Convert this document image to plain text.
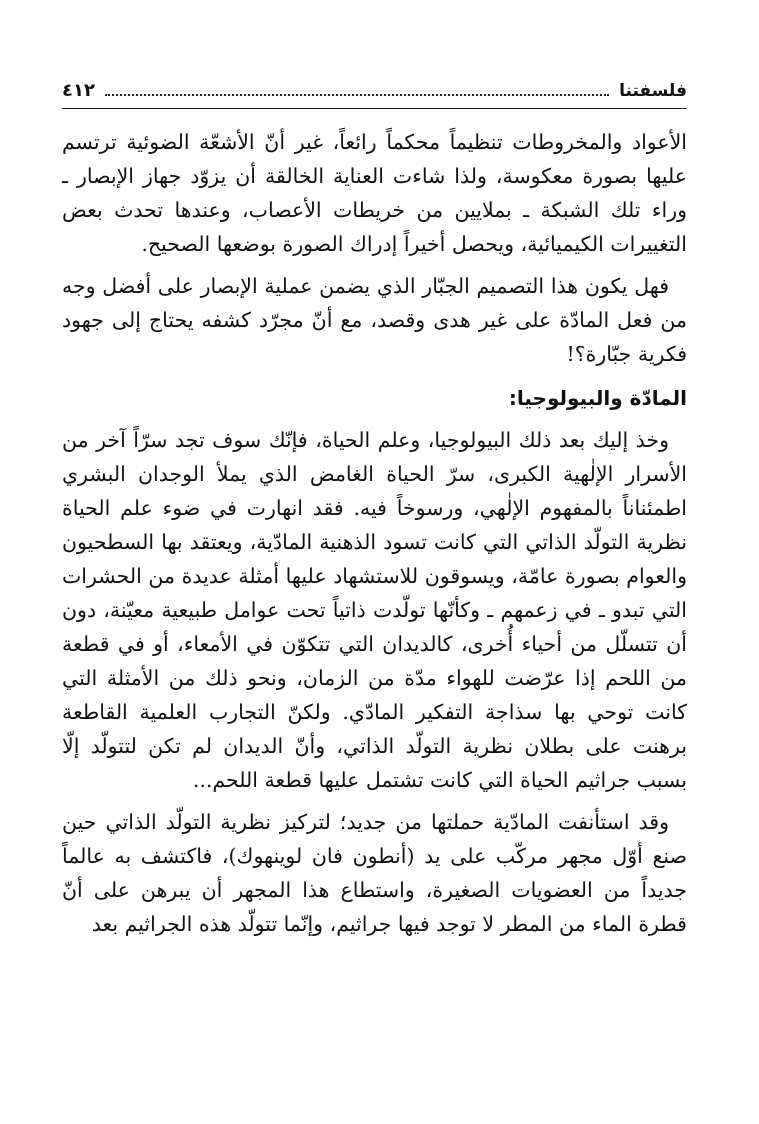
فلسفتنا
٤١٢

الأعواد والمخروطات تنظيماً محكماً رائعاً، غير أنّ الأشعّة الضوئية ترتسم عليها بصورة معكوسة، ولذا شاءت العناية الخالقة أن يزوّد جهاز الإبصار ـ وراء تلك الشبكة ـ بملايين من خريطات الأعصاب، وعندها تحدث بعض التغييرات الكيميائية، ويحصل أخيراً إدراك الصورة بوضعها الصحيح.

فهل يكون هذا التصميم الجبّار الذي يضمن عملية الإبصار على أفضل وجه من فعل المادّة على غير هدى وقصد، مع أنّ مجرّد كشفه يحتاج إلى جهود فكرية جبّارة؟!

المادّة والبيولوجيا:

وخذ إليك بعد ذلك البيولوجيا، وعلم الحياة، فإنّك سوف تجد سرّاً آخر من الأسرار الإلٰهية الكبرى، سرّ الحياة الغامض الذي يملأ الوجدان البشري اطمئناناً بالمفهوم الإلٰهي، ورسوخاً فيه. فقد انهارت في ضوء علم الحياة نظرية التولّد الذاتي التي كانت تسود الذهنية المادّية، ويعتقد بها السطحيون والعوام بصورة عامّة، ويسوقون للاستشهاد عليها أمثلة عديدة من الحشرات التي تبدو ـ في زعمهم ـ وكأنّها تولّدت ذاتياً تحت عوامل طبيعية معيّنة، دون أن تتسلّل من أحياء أُخرى، كالديدان التي تتكوّن في الأمعاء، أو في قطعة من اللحم إذا عرّضت للهواء مدّة من الزمان، ونحو ذلك من الأمثلة التي كانت توحي بها سذاجة التفكير المادّي. ولكنّ التجارب العلمية القاطعة برهنت على بطلان نظرية التولّد الذاتي، وأنّ الديدان لم تكن لتتولّد إلّا بسبب جراثيم الحياة التي كانت تشتمل عليها قطعة اللحم...

وقد استأنفت المادّية حملتها من جديد؛ لتركيز نظرية التولّد الذاتي حين صنع أوّل مجهر مركّب على يد (أنطون فان لوينهوك)، فاكتشف به عالماً جديداً من العضويات الصغيرة، واستطاع هذا المجهر أن يبرهن على أنّ قطرة الماء من المطر لا توجد فيها جراثيم، وإنّما تتولّد هذه الجراثيم بعد
